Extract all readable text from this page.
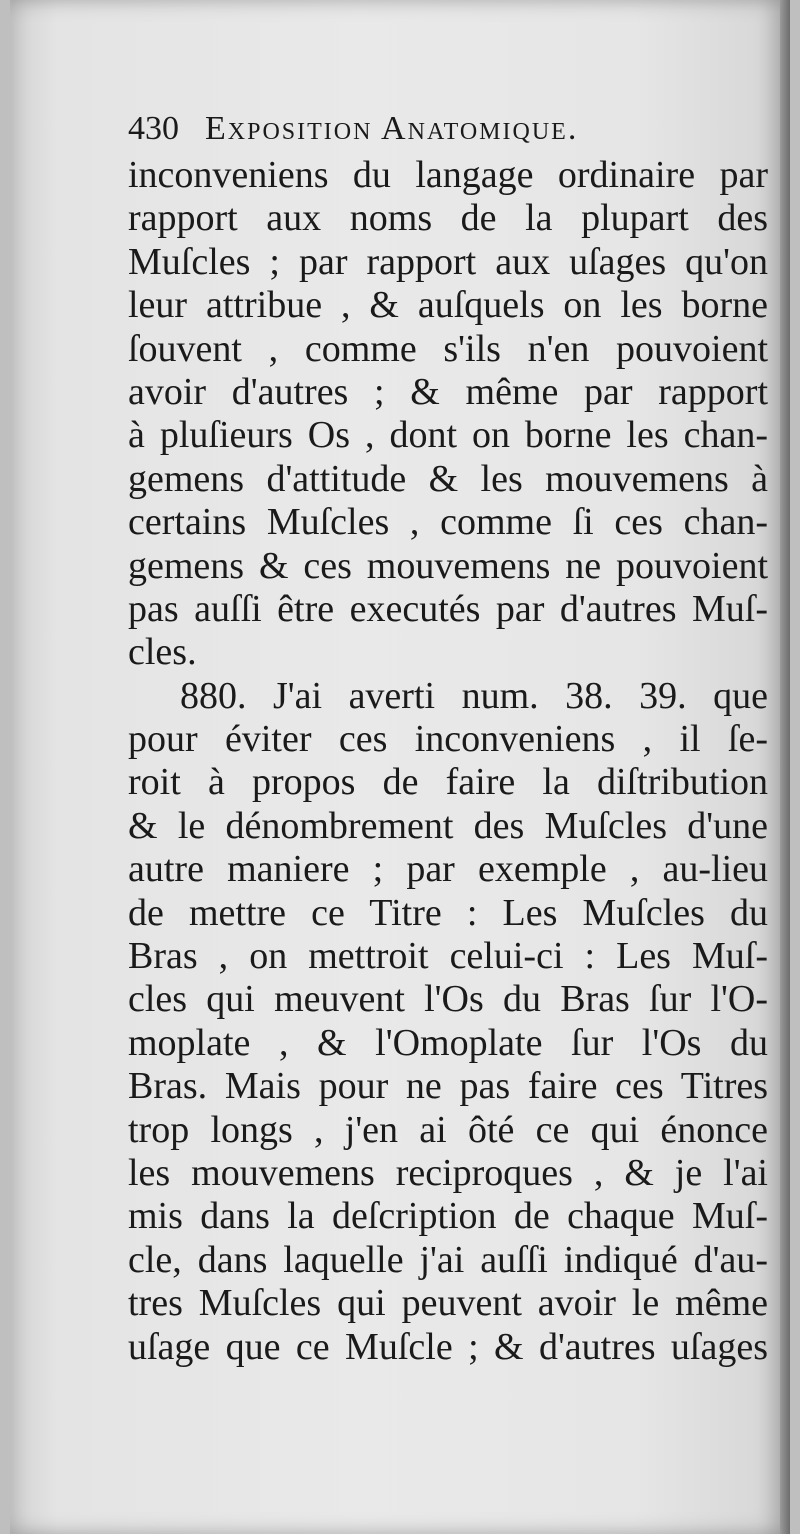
430 Exposition Anatomique.
inconveniens du langage ordinaire par
rapport aux noms de la plupart des
Muſcles ; par rapport aux uſages qu'on
leur attribue , & auſquels on les borne
ſouvent , comme s'ils n'en pouvoient
avoir d'autres ; & même par rapport
à pluſieurs Os , dont on borne les chan-
gemens d'attitude & les mouvemens à
certains Muſcles , comme ſi ces chan-
gemens & ces mouvemens ne pouvoient
pas auſſi être executés par d'autres Muſ-
cles.
880. J'ai averti num. 38. 39. que
pour éviter ces inconveniens , il ſe-
roit à propos de faire la diſtribution
& le dénombrement des Muſcles d'une
autre maniere ; par exemple , au-lieu
de mettre ce Titre : Les Muſcles du
Bras , on mettroit celui-ci : Les Muſ-
cles qui meuvent l'Os du Bras ſur l'O-
moplate , & l'Omoplate ſur l'Os du
Bras. Mais pour ne pas faire ces Titres
trop longs , j'en ai ôté ce qui énonce
les mouvemens reciproques , & je l'ai
mis dans la deſcription de chaque Muſ-
cle, dans laquelle j'ai auſſi indiqué d'au-
tres Muſcles qui peuvent avoir le même
uſage que ce Muſcle ; & d'autres uſages
